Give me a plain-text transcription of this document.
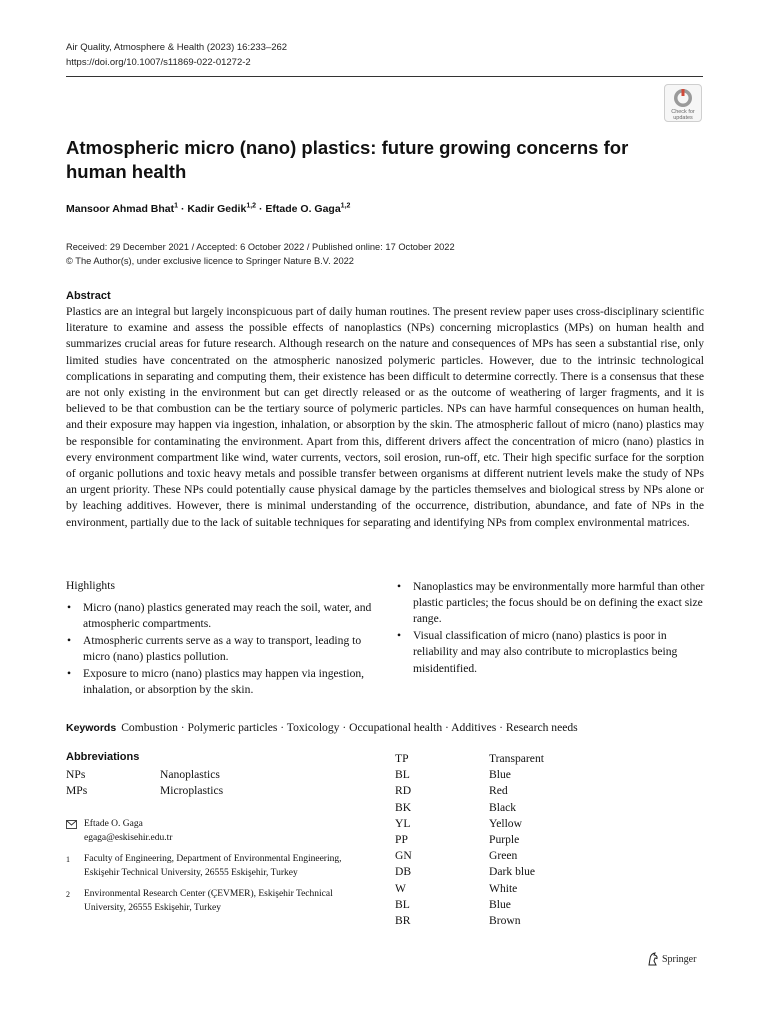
Air Quality, Atmosphere & Health (2023) 16:233–262
https://doi.org/10.1007/s11869-022-01272-2
Check for
updates
Atmospheric micro (nano) plastics: future growing concerns for human health
Mansoor Ahmad Bhat$^1$ · Kadir Gedik$^{1,2}$ · Eftade O. Gaga$^{1,2}$
Received: 29 December 2021 / Accepted: 6 October 2022 / Published online: 17 October 2022
© The Author(s), under exclusive licence to Springer Nature B.V. 2022
Abstract

Plastics are an integral but largely inconspicuous part of daily human routines. The present review paper uses cross-disciplinary scientific literature to examine and assess the possible effects of nanoplastics (NPs) concerning microplastics (MPs) on human health and summarizes crucial areas for future research. Although research on the nature and consequences of MPs has seen a substantial rise, only limited studies have concentrated on the atmospheric nanosized polymeric particles. However, due to the intrinsic technological complications in separating and computing them, their existence has been difficult to determine correctly. There is a consensus that these are not only existing in the environment but can get directly released or as the outcome of weathering of larger fragments, and it is believed to be that combustion can be the tertiary source of polymeric particles. NPs can have harmful consequences on human health, and their exposure may happen via ingestion, inhalation, or absorption by the skin. The atmospheric fallout of micro (nano) plastics may be responsible for contaminating the environment. Apart from this, different drivers affect the concentration of micro (nano) plastics in every environment compartment like wind, water currents, vectors, soil erosion, run-off, etc. Their high specific surface for the sorption of organic pollutions and toxic heavy metals and possible transfer between organisms at different nutrient levels make the study of NPs an urgent priority. These NPs could potentially cause physical damage by the particles themselves and biological stress by NPs alone or by leaching additives. However, there is minimal understanding of the occurrence, distribution, abundance, and fate of NPs in the environment, partially due to the lack of suitable techniques for separating and identifying NPs from complex environmental matrices.

Highlights
• Micro (nano) plastics generated may reach the soil, water, and atmospheric compartments.
• Atmospheric currents serve as a way to transport, leading to micro (nano) plastics pollution.
• Exposure to micro (nano) plastics may happen via ingestion, inhalation, or absorption by the skin.
• Nanoplastics may be environmentally more harmful than other plastic particles; the focus should be on defining the exact size range.
• Visual classification of micro (nano) plastics is poor in reliability and may also contribute to microplastics being misidentified.
Keywords Combustion · Polymeric particles · Toxicology · Occupational health · Additives · Research needs
Abbreviations
NPs	Nanoplastics
MPs	Microplastics
TP	Transparent
BL	Blue
RD	Red
BK	Black
YL	Yellow
PP	Purple
GN	Green
DB	Dark blue
W	White
BL	Blue
BR	Brown
Eftade O. Gaga
egaga@eskisehir.edu.tr
1	Faculty of Engineering, Department of Environmental Engineering, Eskişehir Technical University, 26555 Eskişehir, Turkey
2	Environmental Research Center (ÇEVMER), Eskişehir Technical University, 26555 Eskişehir, Turkey
Springer
